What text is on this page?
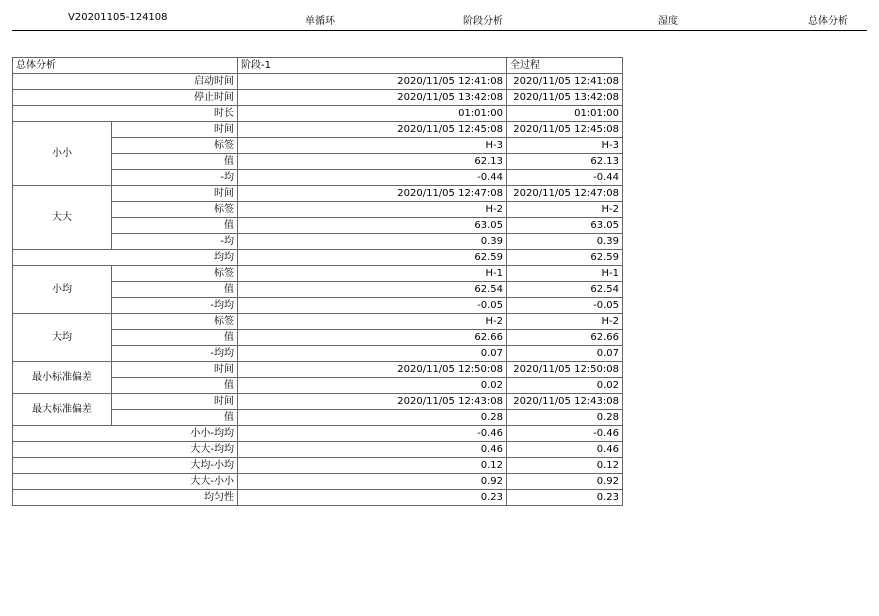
V20201105-124108	单循环	阶段分析	湿度	总体分析
总体分析		阶段-1	全过程
启动时间		2020/11/05 12:41:08	2020/11/05 12:41:08
停止时间		2020/11/05 13:42:08	2020/11/05 13:42:08
时长		01:01:00	01:01:00
小小	时间	2020/11/05 12:45:08	2020/11/05 12:45:08
	标签	H-3	H-3
	值	62.13	62.13
	-均	-0.44	-0.44
大大	时间	2020/11/05 12:47:08	2020/11/05 12:47:08
	标签	H-2	H-2
	值	63.05	63.05
	-均	0.39	0.39
均均		62.59	62.59
小均	标签	H-1	H-1
	值	62.54	62.54
	-均均	-0.05	-0.05
大均	标签	H-2	H-2
	值	62.66	62.66
	-均均	0.07	0.07
最小标准偏差	时间	2020/11/05 12:50:08	2020/11/05 12:50:08
	值	0.02	0.02
最大标准偏差	时间	2020/11/05 12:43:08	2020/11/05 12:43:08
	值	0.28	0.28
小小-均均		-0.46	-0.46
大大-均均		0.46	0.46
大均-小均		0.12	0.12
大大-小小		0.92	0.92
均匀性		0.23	0.23
